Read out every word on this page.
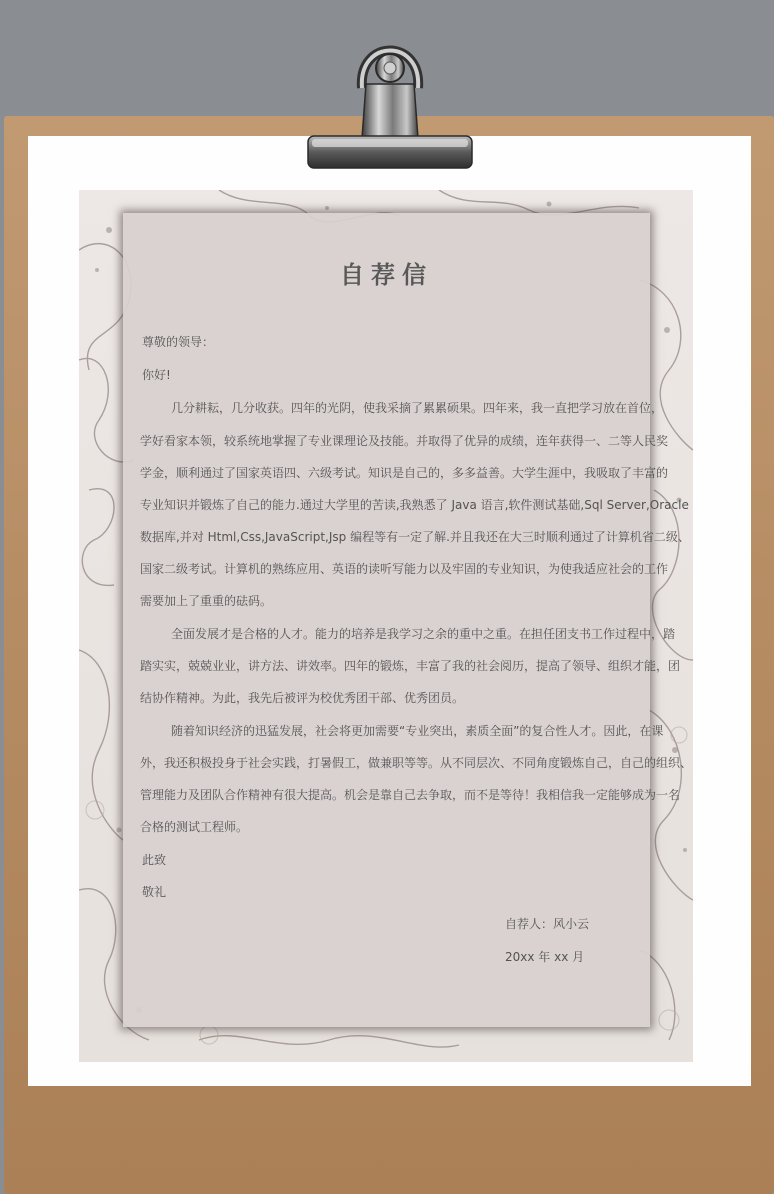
自荐信
尊敬的领导：
你好!
几分耕耘，几分收获。四年的光阴，使我采摘了累累硕果。四年来，我一直把学习放在首位，
学好看家本领，较系统地掌握了专业课理论及技能。并取得了优异的成绩，连年获得一、二等人民奖
学金，顺利通过了国家英语四、六级考试。知识是自己的，多多益善。大学生涯中，我吸取了丰富的
专业知识并锻炼了自己的能力.通过大学里的苦读,我熟悉了 Java 语言,软件测试基础,Sql Server,Oracle
数据库,并对 Html,Css,JavaScript,Jsp 编程等有一定了解.并且我还在大三时顺利通过了计算机省二级、
国家二级考试。计算机的熟练应用、英语的读听写能力以及牢固的专业知识，为使我适应社会的工作
需要加上了重重的砝码。
全面发展才是合格的人才。能力的培养是我学习之余的重中之重。在担任团支书工作过程中，踏
踏实实，兢兢业业，讲方法、讲效率。四年的锻炼，丰富了我的社会阅历，提高了领导、组织才能，团
结协作精神。为此，我先后被评为校优秀团干部、优秀团员。
随着知识经济的迅猛发展，社会将更加需要“专业突出，素质全面”的复合性人才。因此，在课
外，我还积极投身于社会实践，打暑假工，做兼职等等。从不同层次、不同角度锻炼自己，自己的组织、
管理能力及团队合作精神有很大提高。机会是靠自己去争取，而不是等待！我相信我一定能够成为一名
合格的测试工程师。
此致
敬礼
自荐人：风小云
20xx 年 xx 月
